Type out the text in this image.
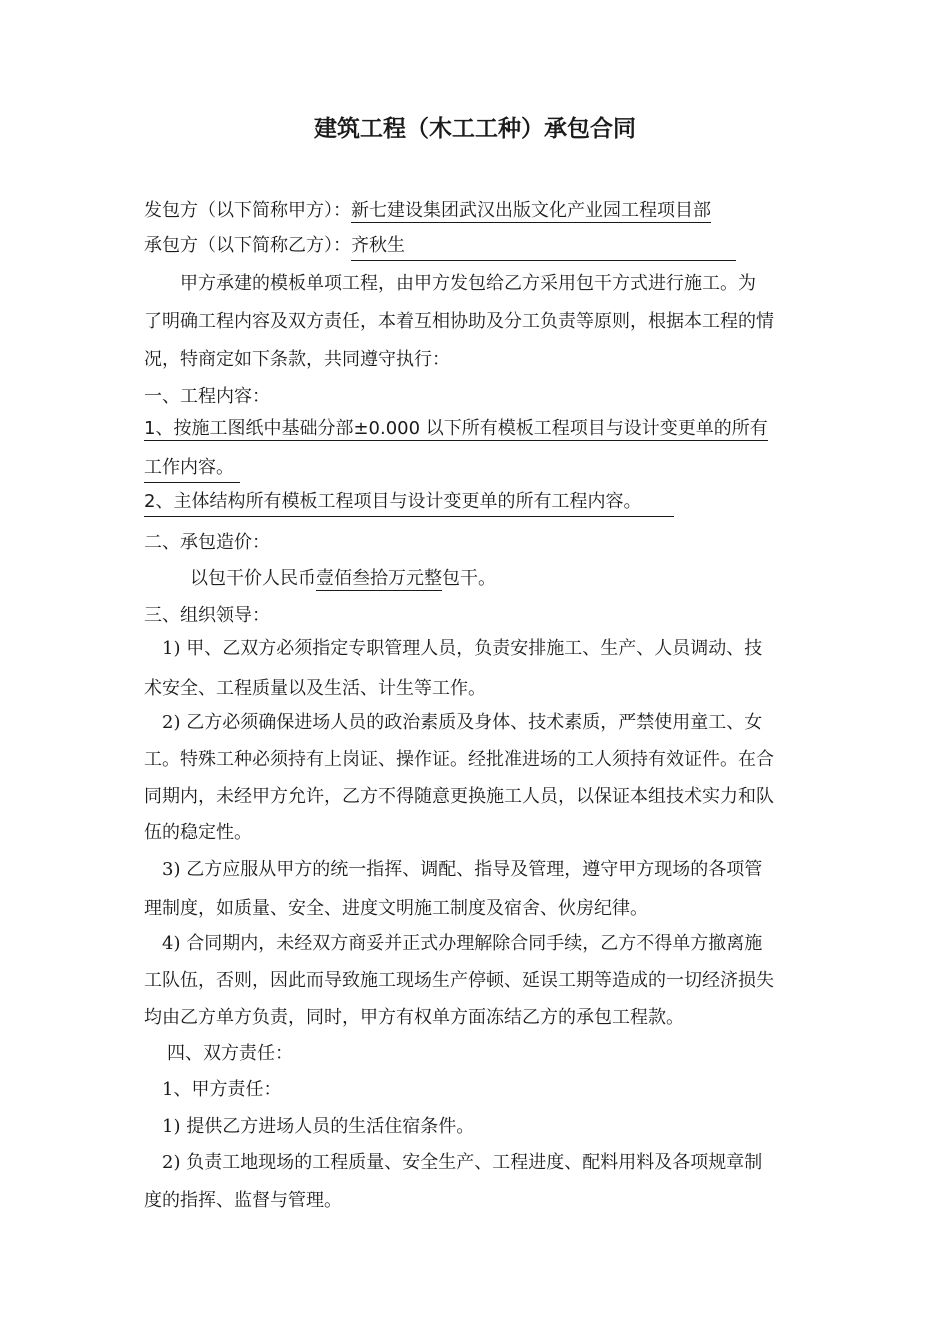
建筑工程（木工工种）承包合同
发包方（以下简称甲方）：新七建设集团武汉出版文化产业园工程项目部
承包方（以下简称乙方）：齐秋生
甲方承建的模板单项工程，由甲方发包给乙方采用包干方式进行施工。为
了明确工程内容及双方责任，本着互相协助及分工负责等原则，根据本工程的情
况，特商定如下条款，共同遵守执行：
一、工程内容：
1、按施工图纸中基础分部±0.000 以下所有模板工程项目与设计变更单的所有
工作内容。
2、主体结构所有模板工程项目与设计变更单的所有工程内容。
二、承包造价：
以包干价人民币壹佰叁拾万元整包干。
三、组织领导：
1) 甲、乙双方必须指定专职管理人员，负责安排施工、生产、人员调动、技
术安全、工程质量以及生活、计生等工作。
2) 乙方必须确保进场人员的政治素质及身体、技术素质，严禁使用童工、女
工。特殊工种必须持有上岗证、操作证。经批准进场的工人须持有效证件。在合
同期内，未经甲方允许，乙方不得随意更换施工人员，以保证本组技术实力和队
伍的稳定性。
3) 乙方应服从甲方的统一指挥、调配、指导及管理，遵守甲方现场的各项管
理制度，如质量、安全、进度文明施工制度及宿舍、伙房纪律。
4) 合同期内，未经双方商妥并正式办理解除合同手续，乙方不得单方撤离施
工队伍，否则，因此而导致施工现场生产停顿、延误工期等造成的一切经济损失
均由乙方单方负责，同时，甲方有权单方面冻结乙方的承包工程款。
四、双方责任：
1、甲方责任：
1) 提供乙方进场人员的生活住宿条件。
2) 负责工地现场的工程质量、安全生产、工程进度、配料用料及各项规章制
度的指挥、监督与管理。
